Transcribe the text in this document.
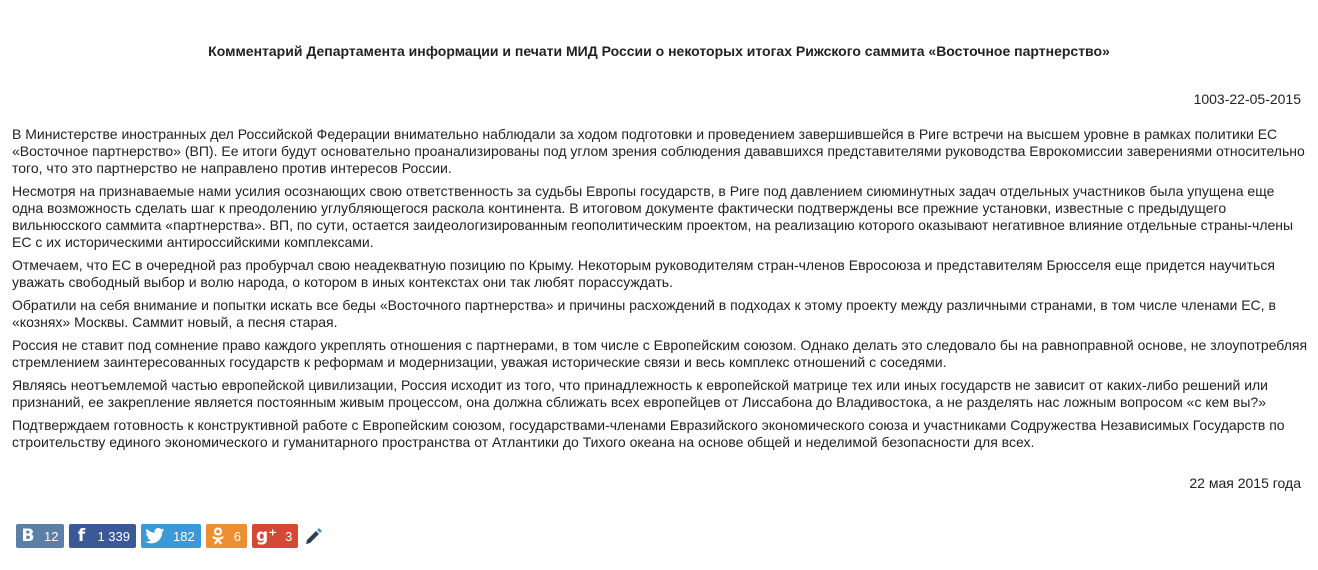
Комментарий Департамента информации и печати МИД России о некоторых итогах Рижского саммита «Восточное партнерство»
1003-22-05-2015

В Министерстве иностранных дел Российской Федерации внимательно наблюдали за ходом подготовки и проведением завершившейся в Риге встречи на высшем уровне в рамках политики ЕС «Восточное партнерство» (ВП). Ее итоги будут основательно проанализированы под углом зрения соблюдения дававшихся представителями руководства Еврокомиссии заверениями относительно того, что это партнерство не направлено против интересов России.

Несмотря на признаваемые нами усилия осознающих свою ответственность за судьбы Европы государств, в Риге под давлением сиюминутных задач отдельных участников была упущена еще одна возможность сделать шаг к преодолению углубляющегося раскола континента. В итоговом документе фактически подтверждены все прежние установки, известные с предыдущего вильнюсского саммита «партнерства». ВП, по сути, остается заидеологизированным геополитическим проектом, на реализацию которого оказывают негативное влияние отдельные страны-члены ЕС с их историческими антироссийскими комплексами.

Отмечаем, что ЕС в очередной раз пробурчал свою неадекватную позицию по Крыму. Некоторым руководителям стран-членов Евросоюза и представителям Брюсселя еще придется научиться уважать свободный выбор и волю народа, о котором в иных контекстах они так любят порассуждать.

Обратили на себя внимание и попытки искать все беды «Восточного партнерства» и причины расхождений в подходах к этому проекту между различными странами, в том числе членами ЕС, в «кознях» Москвы. Саммит новый, а песня старая.

Россия не ставит под сомнение право каждого укреплять отношения с партнерами, в том числе с Европейским союзом. Однако делать это следовало бы на равноправной основе, не злоупотребляя стремлением заинтересованных государств к реформам и модернизации, уважая исторические связи и весь комплекс отношений с соседями.

Являясь неотъемлемой частью европейской цивилизации, Россия исходит из того, что принадлежность к европейской матрице тех или иных государств не зависит от каких-либо решений или признаний, ее закрепление является постоянным живым процессом, она должна сближать всех европейцев от Лиссабона до Владивостока, а не разделять нас ложным вопросом «с кем вы?»

Подтверждаем готовность к конструктивной работе с Европейским союзом, государствами-членами Евразийского экономического союза и участниками Содружества Независимых Государств по строительству единого экономического и гуманитарного пространства от Атлантики до Тихого океана на основе общей и неделимой безопасности для всех.

22 мая 2015 года
В 12	f 1 339	182	6 g⁺ 3
